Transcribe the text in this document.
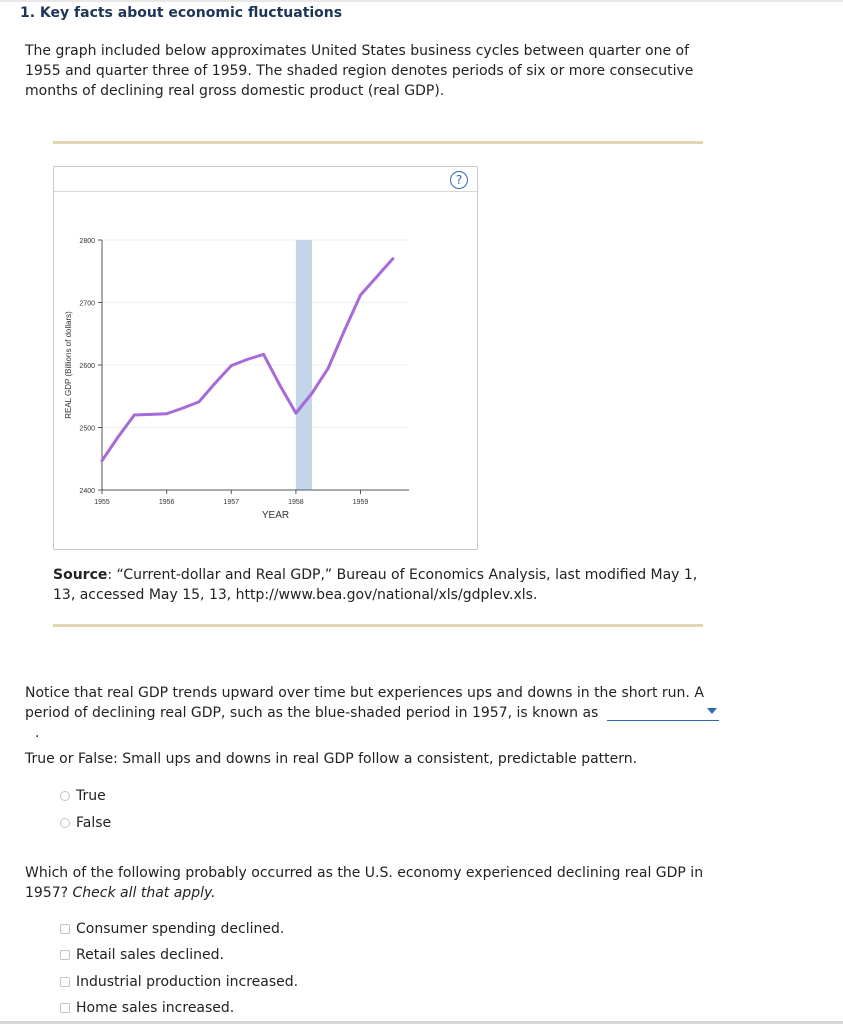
1. Key facts about economic fluctuations
The graph included below approximates United States business cycles between quarter one of 1955 and quarter three of 1959. The shaded region denotes periods of six or more consecutive months of declining real gross domestic product (real GDP).
?
2400
2500
2600
2700
2800
1955	1956	1957	1958	1959
YEAR
REAL GDP (Billions of dollars)
Source: “Current-dollar and Real GDP,” Bureau of Economics Analysis, last modified May 1, 13, accessed May 15, 13, http://www.bea.gov/national/xls/gdplev.xls.
Notice that real GDP trends upward over time but experiences ups and downs in the short run. A period of declining real GDP, such as the blue-shaded period in 1957, is known as
.
True or False: Small ups and downs in real GDP follow a consistent, predictable pattern.
True
False
Which of the following probably occurred as the U.S. economy experienced declining real GDP in 1957? Check all that apply.
Consumer spending declined.
Retail sales declined.
Industrial production increased.
Home sales increased.
